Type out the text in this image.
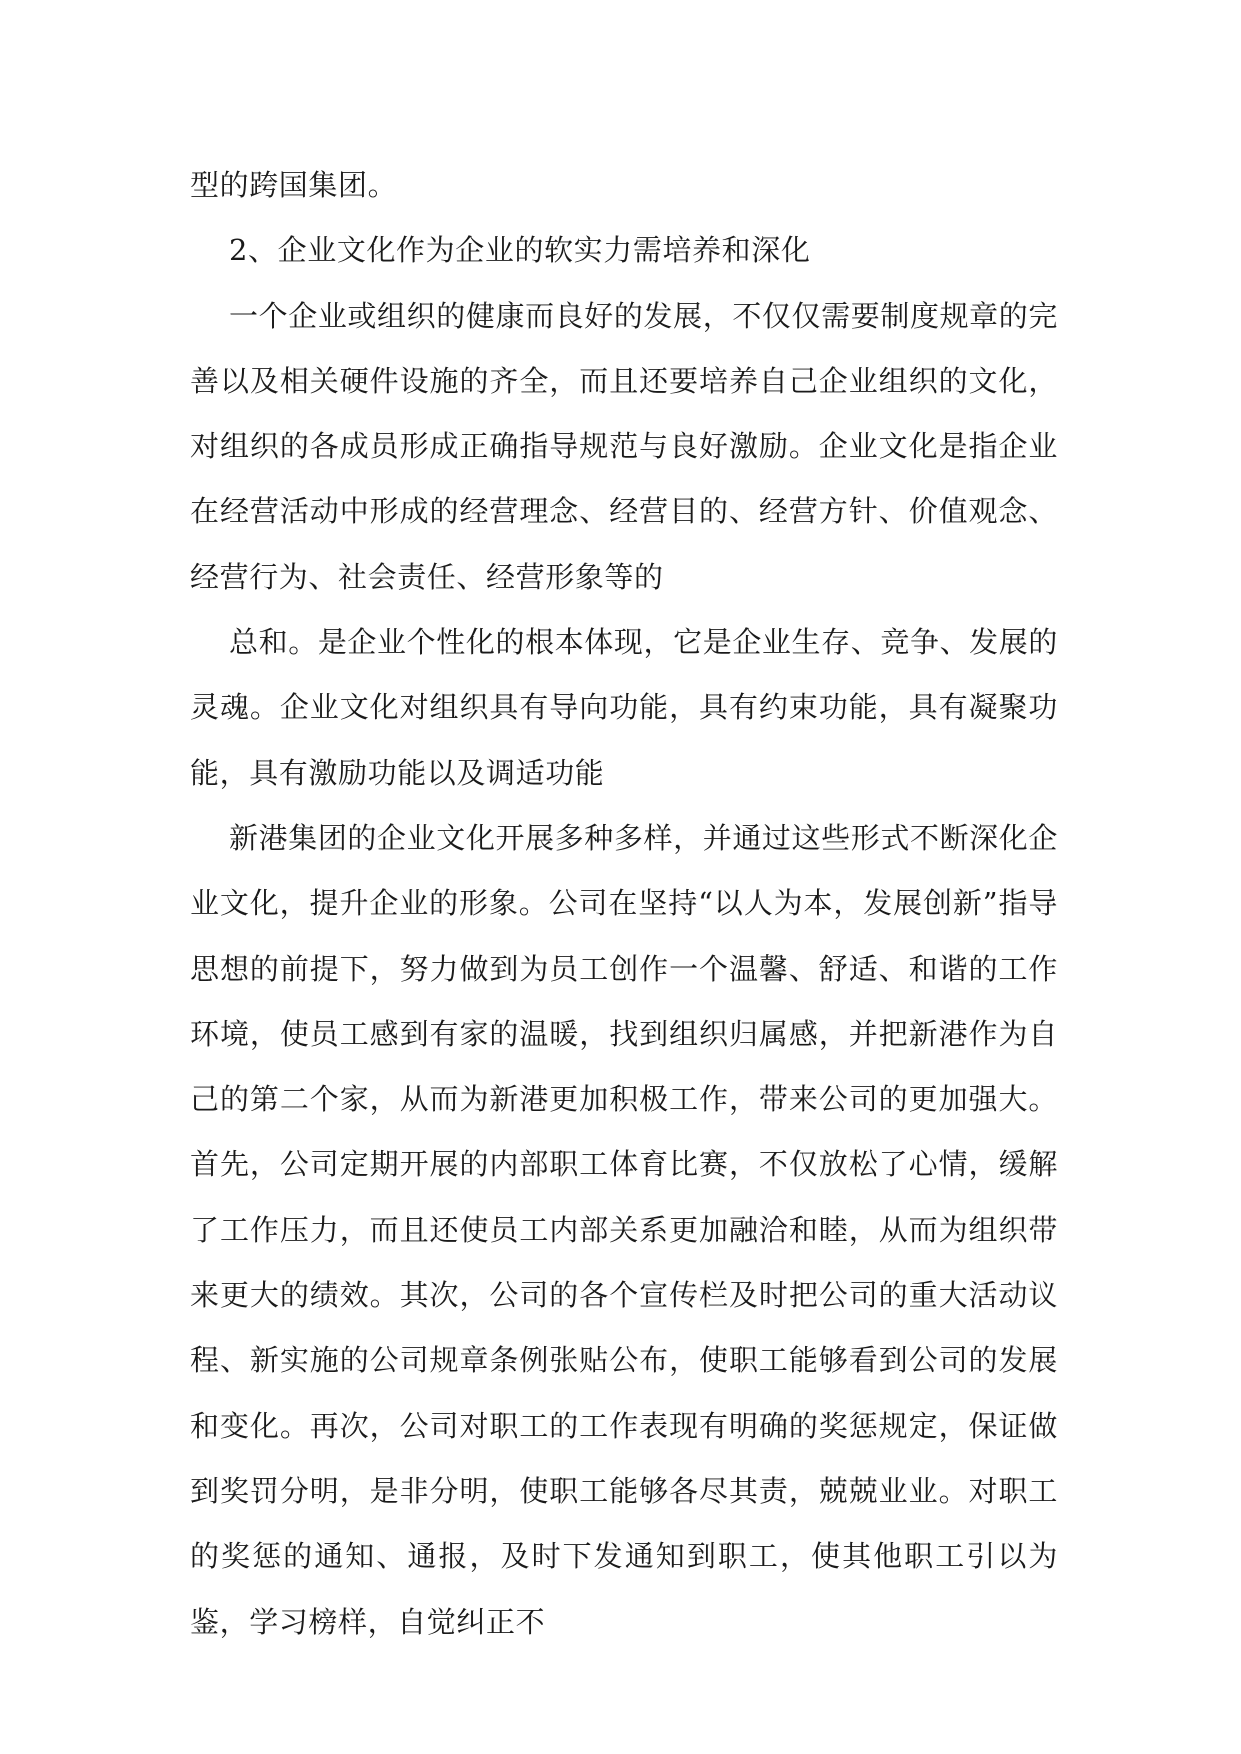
型的跨国集团。

2、企业文化作为企业的软实力需培养和深化

一个企业或组织的健康而良好的发展，不仅仅需要制度规章的完善以及相关硬件设施的齐全，而且还要培养自己企业组织的文化，对组织的各成员形成正确指导规范与良好激励。企业文化是指企业在经营活动中形成的经营理念、经营目的、经营方针、价值观念、经营行为、社会责任、经营形象等的

总和。是企业个性化的根本体现，它是企业生存、竞争、发展的灵魂。企业文化对组织具有导向功能，具有约束功能，具有凝聚功能，具有激励功能以及调适功能

新港集团的企业文化开展多种多样，并通过这些形式不断深化企业文化，提升企业的形象。公司在坚持“以人为本，发展创新”指导思想的前提下，努力做到为员工创作一个温馨、舒适、和谐的工作环境，使员工感到有家的温暖，找到组织归属感，并把新港作为自己的第二个家，从而为新港更加积极工作，带来公司的更加强大。首先，公司定期开展的内部职工体育比赛，不仅放松了心情，缓解了工作压力，而且还使员工内部关系更加融洽和睦，从而为组织带来更大的绩效。其次，公司的各个宣传栏及时把公司的重大活动议程、新实施的公司规章条例张贴公布，使职工能够看到公司的发展和变化。再次，公司对职工的工作表现有明确的奖惩规定，保证做到奖罚分明，是非分明，使职工能够各尽其责，兢兢业业。对职工的奖惩的通知、通报，及时下发通知到职工，使其他职工引以为鉴，学习榜样，自觉纠正不
